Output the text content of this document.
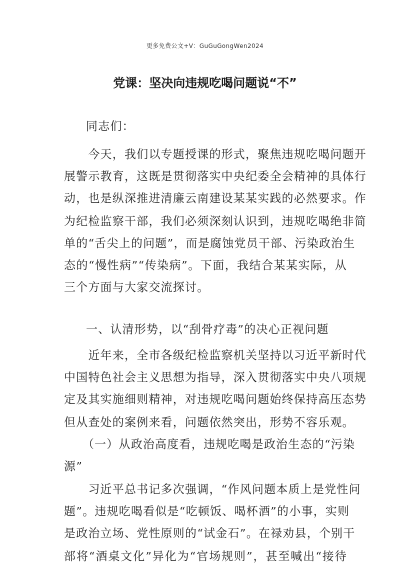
更多免费公文+V：GuGuGongWen2024
党课：坚决向违规吃喝问题说“不”
同志们：
　　今天，我们以专题授课的形式，聚焦违规吃喝问题开
展警示教育，这既是贯彻落实中央纪委全会精神的具体行
动，也是纵深推进清廉云南建设某某实践的必然要求。作
为纪检监察干部，我们必须深刻认识到，违规吃喝绝非简
单的“舌尖上的问题”，而是腐蚀党员干部、污染政治生
态的“慢性病”“传染病”。下面，我结合某某实际，从
三个方面与大家交流探讨。
一、认清形势，以“刮骨疗毒”的决心正视问题
　　近年来，全市各级纪检监察机关坚持以习近平新时代
中国特色社会主义思想为指导，深入贯彻落实中央八项规
定及其实施细则精神，对违规吃喝问题始终保持高压态势
但从查处的案例来看，问题依然突出，形势不容乐观。
　　（一）从政治高度看，违规吃喝是政治生态的“污染
源”
　　习近平总书记多次强调，“作风问题本质上是党性问
题”。违规吃喝看似是“吃顿饭、喝杯酒”的小事，实则
是政治立场、党性原则的“试金石”。在禄劝县，个别干
部将“酒桌文化”异化为“官场规则”，甚至喊出“接待
